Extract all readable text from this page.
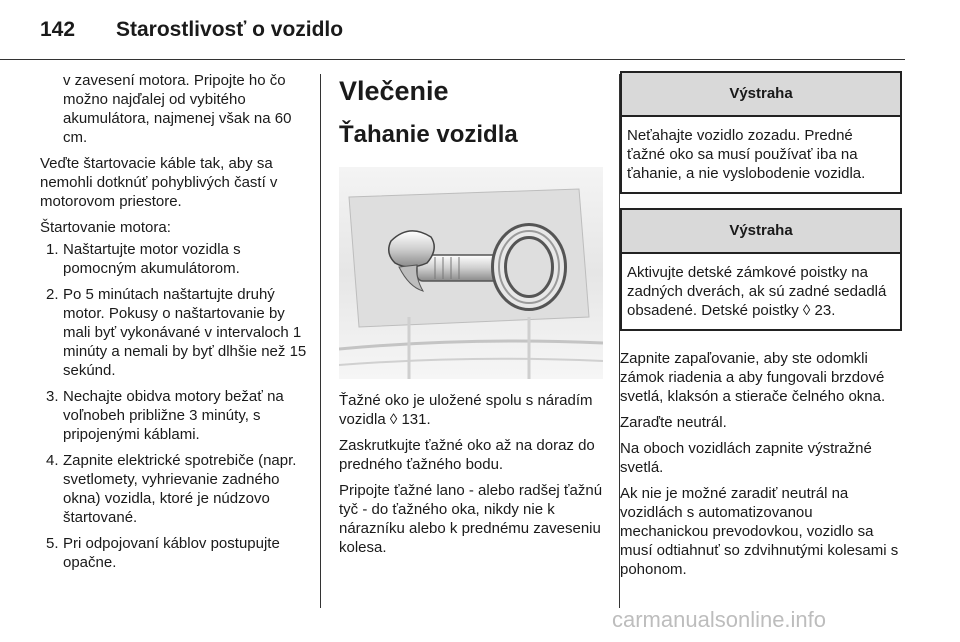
142 Starostlivosť o vozidlo

v zavesení motora. Pripojte ho čo možno najďalej od vybitého akumulátora, najmenej však na 60 cm.

Veďte štartovacie káble tak, aby sa nemohli dotknúť pohyblivých častí v motorovom priestore.

Štartovanie motora:

1. Naštartujte motor vozidla s pomocným akumulátorom.
2. Po 5 minútach naštartujte druhý motor. Pokusy o naštartovanie by mali byť vykonávané v intervaloch 1 minúty a nemali by byť dlhšie než 15 sekúnd.
3. Nechajte obidva motory bežať na voľnobeh približne 3 minúty, s pripojenými káblami.
4. Zapnite elektrické spotrebiče (napr. svetlomety, vyhrievanie zadného okna) vozidla, ktoré je núdzovo štartované.
5. Pri odpojovaní káblov postupujte opačne.
Vlečenie
Ťahanie vozidla

Ťažné oko je uložené spolu s náradím vozidla ◊ 131.

Zaskrutkujte ťažné oko až na doraz do predného ťažného bodu.

Pripojte ťažné lano - alebo radšej ťažnú tyč - do ťažného oka, nikdy nie k nárazníku alebo k prednému zaveseniu kolesa.

Výstraha
Neťahajte vozidlo zozadu. Predné ťažné oko sa musí používať iba na ťahanie, a nie vyslobodenie vozidla.
Výstraha
Aktivujte detské zámkové poistky na zadných dverách, ak sú zadné sedadlá obsadené. Detské poistky ◊ 23.

Zapnite zapaľovanie, aby ste odomkli zámok riadenia a aby fungovali brzdové svetlá, klaksón a stierače čelného okna.

Zaraďte neutrál.

Na oboch vozidlách zapnite výstražné svetlá.

Ak nie je možné zaradiť neutrál na vozidlách s automatizovanou mechanickou prevodovkou, vozidlo sa musí odtiahnuť so zdvihnutými kolesami s pohonom.

carmanualsonline.info
